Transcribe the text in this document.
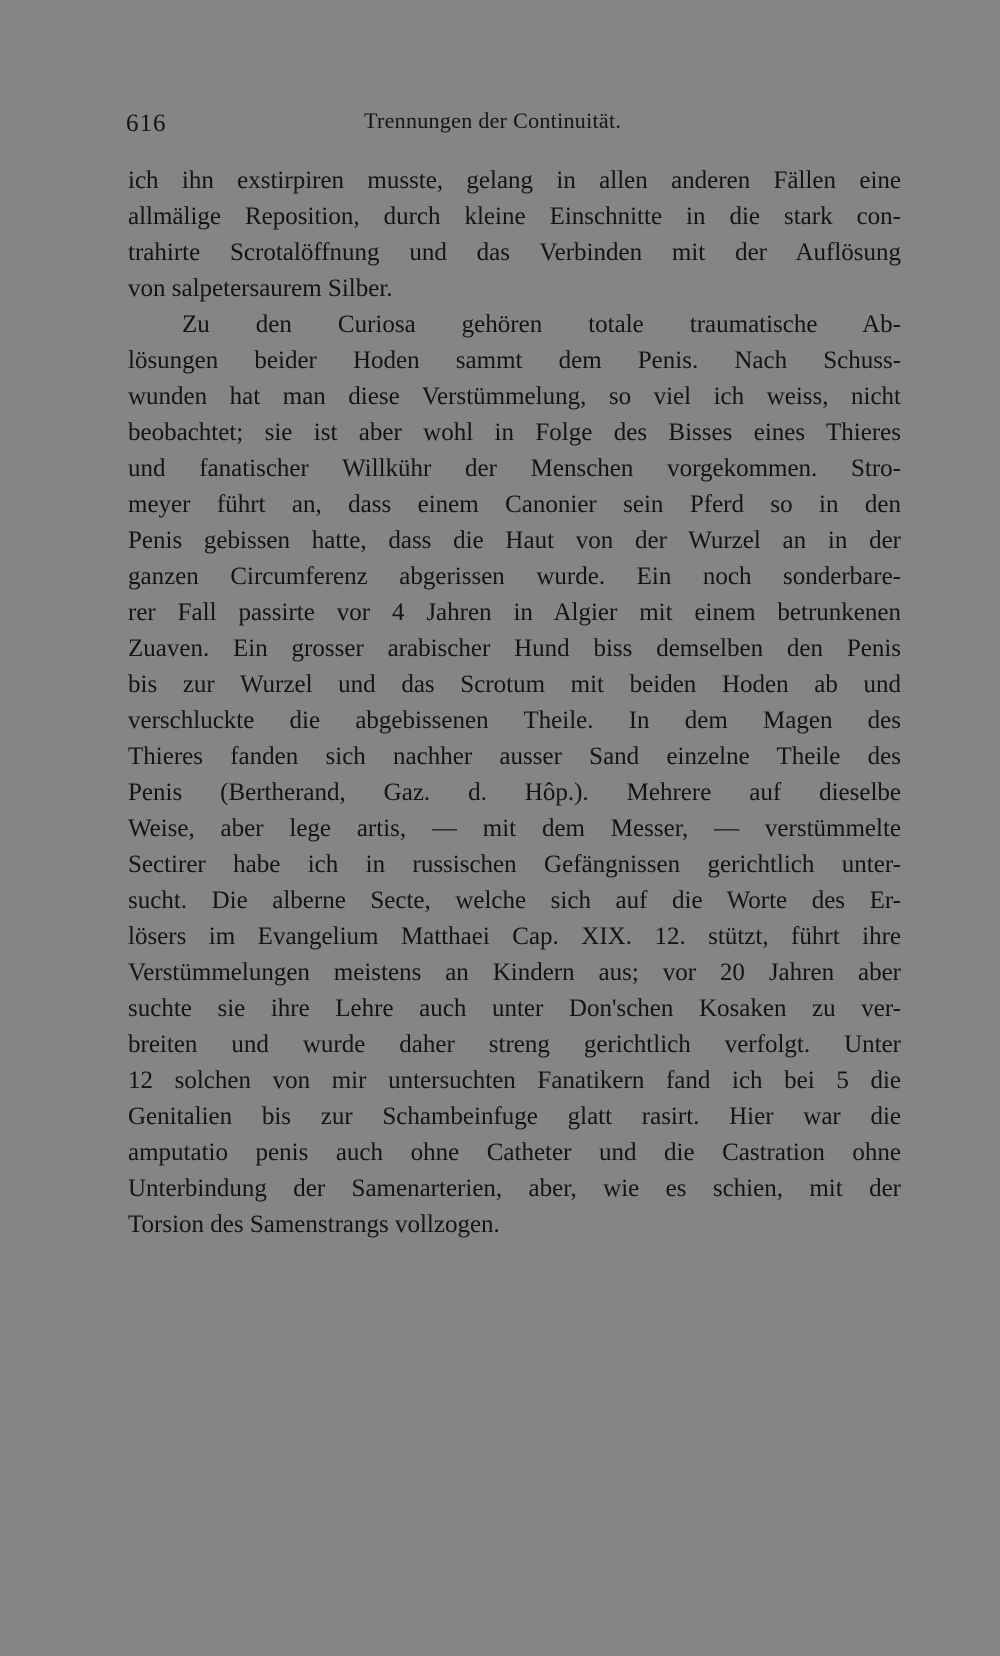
616	Trennungen der Continuität.
ich ihn exstirpiren musste, gelang in allen anderen Fällen eine
allmälige Reposition, durch kleine Einschnitte in die stark con-
trahirte Scrotalöffnung und das Verbinden mit der Auflösung
von salpetersaurem Silber.
Zu den Curiosa gehören totale traumatische Ab-
lösungen beider Hoden sammt dem Penis. Nach Schuss-
wunden hat man diese Verstümmelung, so viel ich weiss, nicht
beobachtet; sie ist aber wohl in Folge des Bisses eines Thieres
und fanatischer Willkühr der Menschen vorgekommen. Stro-
meyer führt an, dass einem Canonier sein Pferd so in den
Penis gebissen hatte, dass die Haut von der Wurzel an in der
ganzen Circumferenz abgerissen wurde. Ein noch sonderbare-
rer Fall passirte vor 4 Jahren in Algier mit einem betrunkenen
Zuaven. Ein grosser arabischer Hund biss demselben den Penis
bis zur Wurzel und das Scrotum mit beiden Hoden ab und
verschluckte die abgebissenen Theile. In dem Magen des
Thieres fanden sich nachher ausser Sand einzelne Theile des
Penis (Bertherand, Gaz. d. Hôp.). Mehrere auf dieselbe
Weise, aber lege artis, — mit dem Messer, — verstümmelte
Sectirer habe ich in russischen Gefängnissen gerichtlich unter-
sucht. Die alberne Secte, welche sich auf die Worte des Er-
lösers im Evangelium Matthaei Cap. XIX. 12. stützt, führt ihre
Verstümmelungen meistens an Kindern aus; vor 20 Jahren aber
suchte sie ihre Lehre auch unter Don'schen Kosaken zu ver-
breiten und wurde daher streng gerichtlich verfolgt. Unter
12 solchen von mir untersuchten Fanatikern fand ich bei 5 die
Genitalien bis zur Schambeinfuge glatt rasirt. Hier war die
amputatio penis auch ohne Catheter und die Castration ohne
Unterbindung der Samenarterien, aber, wie es schien, mit der
Torsion des Samenstrangs vollzogen.
